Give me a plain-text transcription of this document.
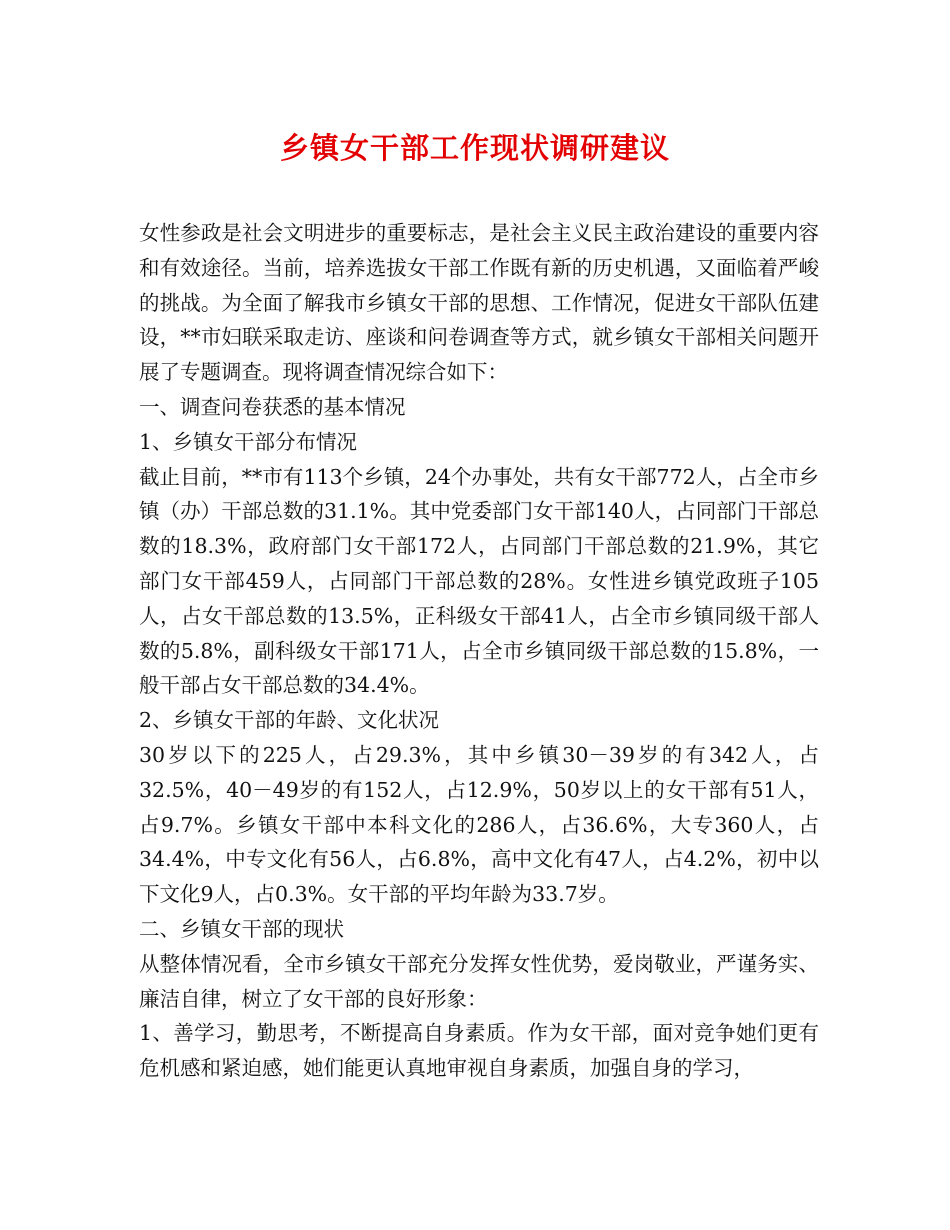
乡镇女干部工作现状调研建议

女性参政是社会文明进步的重要标志，是社会主义民主政治建设的重要内容和有效途径。当前，培养选拔女干部工作既有新的历史机遇，又面临着严峻的挑战。为全面了解我市乡镇女干部的思想、工作情况，促进女干部队伍建设，**市妇联采取走访、座谈和问卷调查等方式，就乡镇女干部相关问题开展了专题调查。现将调查情况综合如下：

一、调查问卷获悉的基本情况

1、乡镇女干部分布情况

截止目前，**市有113个乡镇，24个办事处，共有女干部772人，占全市乡镇（办）干部总数的31.1%。其中党委部门女干部140人，占同部门干部总数的18.3%，政府部门女干部172人，占同部门干部总数的21.9%，其它部门女干部459人，占同部门干部总数的28%。女性进乡镇党政班子105人，占女干部总数的13.5%，正科级女干部41人，占全市乡镇同级干部人数的5.8%，副科级女干部171人，占全市乡镇同级干部总数的15.8%，一般干部占女干部总数的34.4%。

2、乡镇女干部的年龄、文化状况

30岁以下的225人，占29.3%，其中乡镇30－39岁的有342人，占32.5%，40－49岁的有152人，占12.9%，50岁以上的女干部有51人，占9.7%。乡镇女干部中本科文化的286人，占36.6%，大专360人，占34.4%，中专文化有56人，占6.8%，高中文化有47人，占4.2%，初中以下文化9人，占0.3%。女干部的平均年龄为33.7岁。

二、乡镇女干部的现状

从整体情况看，全市乡镇女干部充分发挥女性优势，爱岗敬业，严谨务实、廉洁自律，树立了女干部的良好形象：

1、善学习，勤思考，不断提高自身素质。作为女干部，面对竞争她们更有危机感和紧迫感，她们能更认真地审视自身素质，加强自身的学习，
